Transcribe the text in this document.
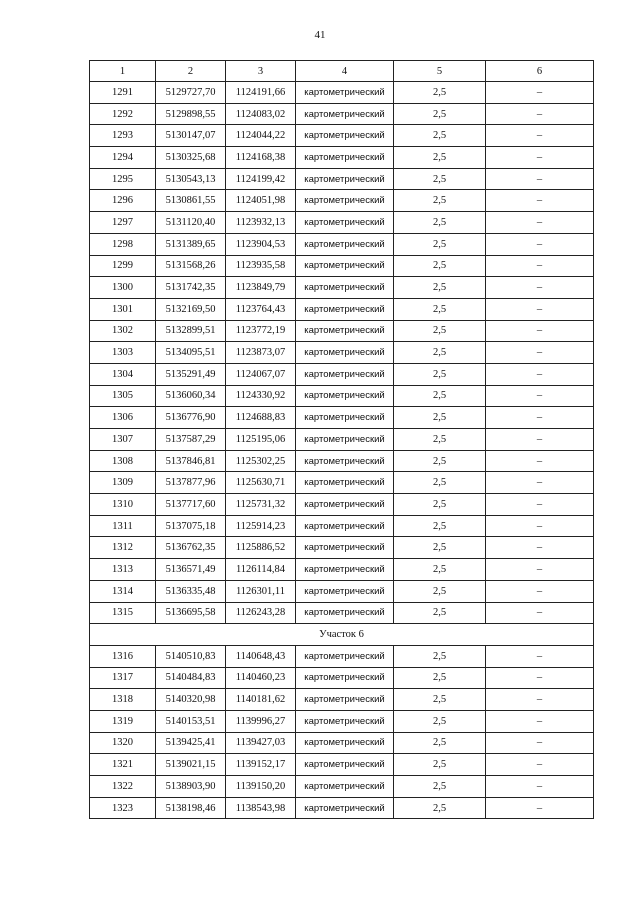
41
1	2	3	4	5	6
1291	5129727,70	1124191,66	картометрический	2,5	–
1292	5129898,55	1124083,02	картометрический	2,5	–
1293	5130147,07	1124044,22	картометрический	2,5	–
1294	5130325,68	1124168,38	картометрический	2,5	–
1295	5130543,13	1124199,42	картометрический	2,5	–
1296	5130861,55	1124051,98	картометрический	2,5	–
1297	5131120,40	1123932,13	картометрический	2,5	–
1298	5131389,65	1123904,53	картометрический	2,5	–
1299	5131568,26	1123935,58	картометрический	2,5	–
1300	5131742,35	1123849,79	картометрический	2,5	–
1301	5132169,50	1123764,43	картометрический	2,5	–
1302	5132899,51	1123772,19	картометрический	2,5	–
1303	5134095,51	1123873,07	картометрический	2,5	–
1304	5135291,49	1124067,07	картометрический	2,5	–
1305	5136060,34	1124330,92	картометрический	2,5	–
1306	5136776,90	1124688,83	картометрический	2,5	–
1307	5137587,29	1125195,06	картометрический	2,5	–
1308	5137846,81	1125302,25	картометрический	2,5	–
1309	5137877,96	1125630,71	картометрический	2,5	–
1310	5137717,60	1125731,32	картометрический	2,5	–
1311	5137075,18	1125914,23	картометрический	2,5	–
1312	5136762,35	1125886,52	картометрический	2,5	–
1313	5136571,49	1126114,84	картометрический	2,5	–
1314	5136335,48	1126301,11	картометрический	2,5	–
1315	5136695,58	1126243,28	картометрический	2,5	–
Участок 6					
1316	5140510,83	1140648,43	картометрический	2,5	–
1317	5140484,83	1140460,23	картометрический	2,5	–
1318	5140320,98	1140181,62	картометрический	2,5	–
1319	5140153,51	1139996,27	картометрический	2,5	–
1320	5139425,41	1139427,03	картометрический	2,5	–
1321	5139021,15	1139152,17	картометрический	2,5	–
1322	5138903,90	1139150,20	картометрический	2,5	–
1323	5138198,46	1138543,98	картометрический	2,5	–
